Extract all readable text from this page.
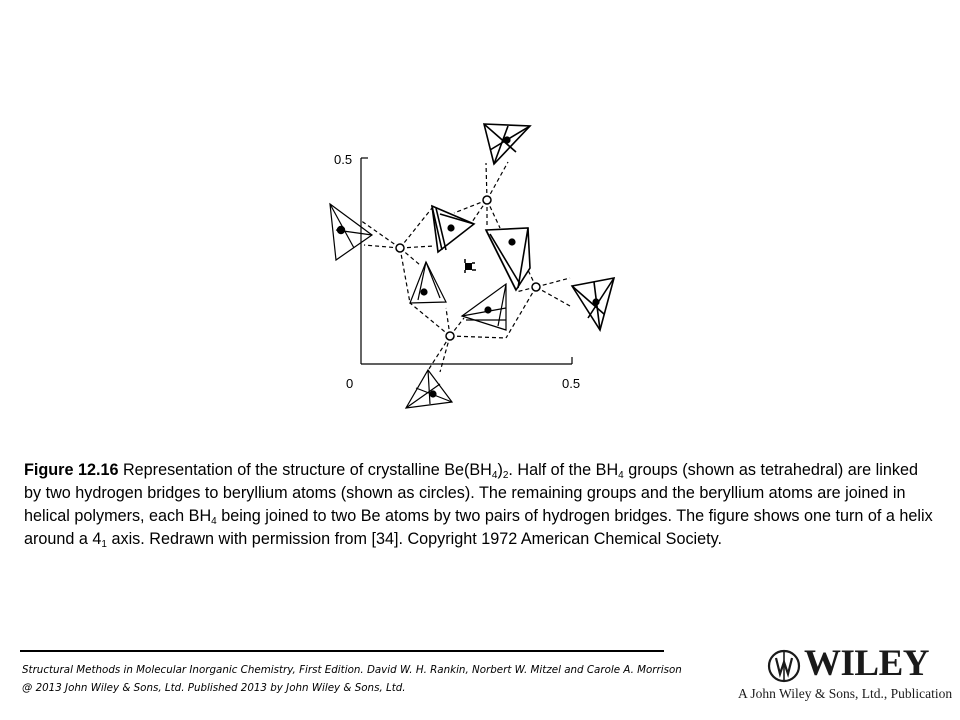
0.5
0	0.5
Figure 12.16 Representation of the structure of crystalline $Be(BH_4)_2$. Half of the $BH_4$ groups (shown as tetrahedral) are linked by two hydrogen bridges to beryllium atoms (shown as circles). The remaining groups and the beryllium atoms are joined in helical polymers, each $BH_4$ being joined to two Be atoms by two pairs of hydrogen bridges. The figure shows one turn of a helix around a $4_1$ axis. Redrawn with permission from [34]. Copyright 1972 American Chemical Society.
Structural Methods in Molecular Inorganic Chemistry, First Edition. David W. H. Rankin, Norbert W. Mitzel and Carole A. Morrison
@ 2013 John Wiley & Sons, Ltd. Published 2013 by John Wiley & Sons, Ltd.
WILEY
A John Wiley & Sons, Ltd., Publication
